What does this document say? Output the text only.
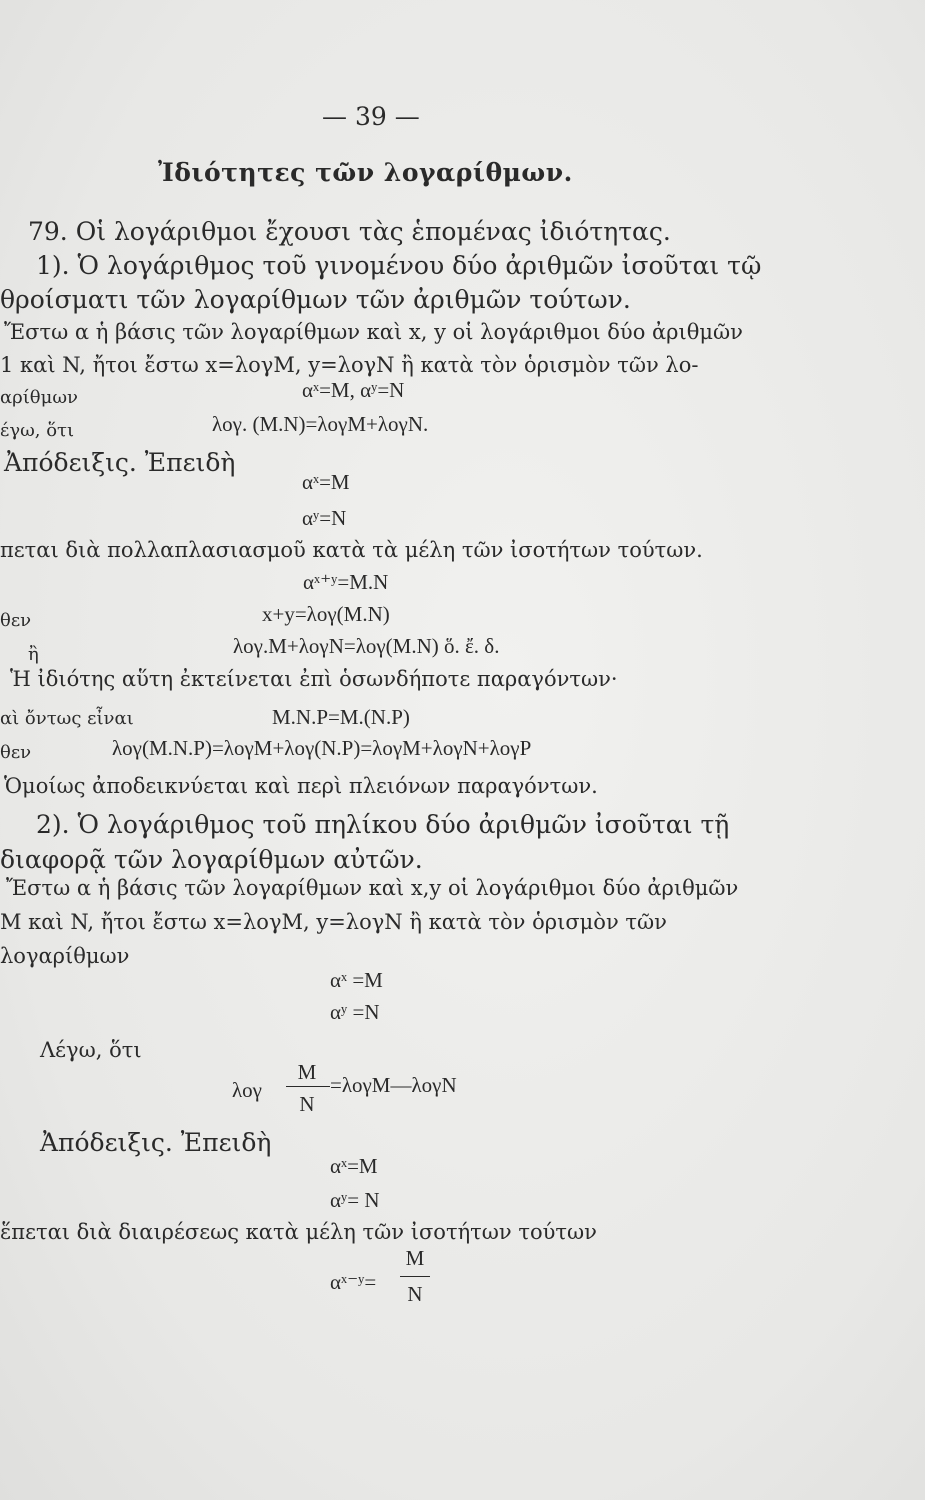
— 39 —
Ἰδιότητες τῶν λογαρίθμων.
79. Οἱ λογάριθμοι ἔχουσι τὰς ἑπομένας ἰδιότητας.
1). Ὁ λογάριθμος τοῦ γινομένου δύο ἀριθμῶν ἰσοῦται τῷ
θροίσματι τῶν λογαρίθμων τῶν ἀριθμῶν τούτων.
Ἔστω α ἡ βάσις τῶν λογαρίθμων καὶ x, y οἱ λογάριθμοι δύο ἀριθμῶν
1 καὶ N, ἤτοι ἔστω x=λογM, y=λογN ἢ κατὰ τὸν ὁρισμὸν τῶν λο-
αρίθμων	αˣ=M, αʸ=N
έγω, ὅτι	λογ. (M.N)=λογM+λογN.
Ἀπόδειξις. Ἐπειδὴ
αˣ=M
αʸ=N
πεται διὰ πολλαπλασιασμοῦ κατὰ τὰ μέλη τῶν ἰσοτήτων τούτων.
αˣ⁺ʸ=M.N
θεν	x+y=λογ(M.N)
ἢ	λογ.M+λογN=λογ(M.N) ὅ. ἔ. δ.
Ἡ ἰδιότης αὕτη ἐκτείνεται ἐπὶ ὁσωνδήποτε παραγόντων·
αὶ ὄντως εἶναι	M.N.P=M.(N.P)
θεν	λογ(M.N.P)=λογM+λογ(N.P)=λογM+λογN+λογP
Ὁμοίως ἀποδεικνύεται καὶ περὶ πλειόνων παραγόντων.
2). Ὁ λογάριθμος τοῦ πηλίκου δύο ἀριθμῶν ἰσοῦται τῇ
διαφορᾷ τῶν λογαρίθμων αὐτῶν.
Ἔστω α ἡ βάσις τῶν λογαρίθμων καὶ x,y οἱ λογάριθμοι δύο ἀριθμῶν
M καὶ N, ἤτοι ἔστω x=λογM, y=λογN ἢ κατὰ τὸν ὁρισμὸν τῶν
λογαρίθμων
αˣ =M
αʸ =N
Λέγω, ὅτι
λογ
M
N
=λογM—λογN
Ἀπόδειξις. Ἐπειδὴ
αˣ=M
αʸ= N
ἕπεται διὰ διαιρέσεως κατὰ μέλη τῶν ἰσοτήτων τούτων
αˣ⁻ʸ=
M
N
